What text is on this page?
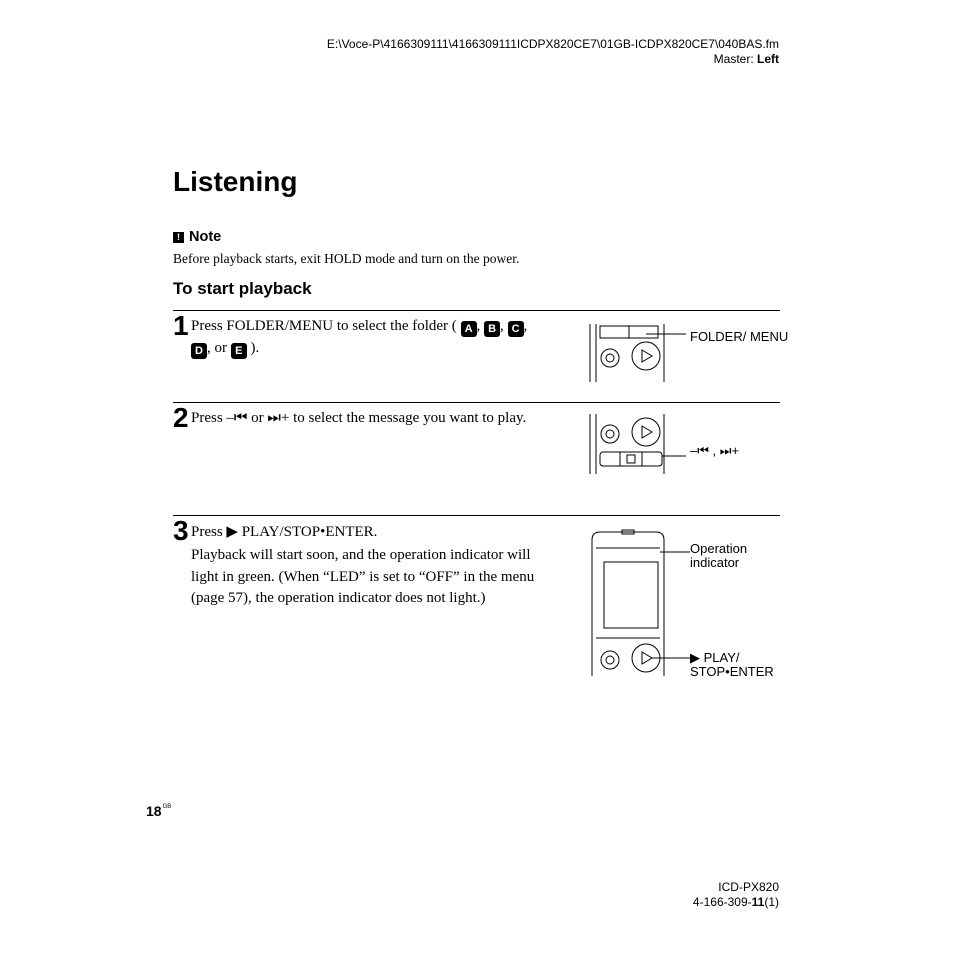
E:\Voce-P\4166309111\4166309111ICDPX820CE7\01GB-ICDPX820CE7\040BAS.fm
Master: Left
Listening
! Note
Before playback starts, exit HOLD mode and turn on the power.
To start playback
1 Press FOLDER/MENU to select the folder ( A , B , C ,
D , or E ).
FOLDER/ MENU
2 Press –⏮ or ⏭+ to select the message you want to play.
–⏮ , ⏭+
3 Press ▶ PLAY/STOP•ENTER.
Playback will start soon, and the operation indicator will light in green. (When “LED” is set to “OFF” in the menu (page 57), the operation indicator does not light.)
Operation indicator
▶ PLAY/
STOP•ENTER
$18^{GB}$
ICD-PX820
4-166-309-11(1)
